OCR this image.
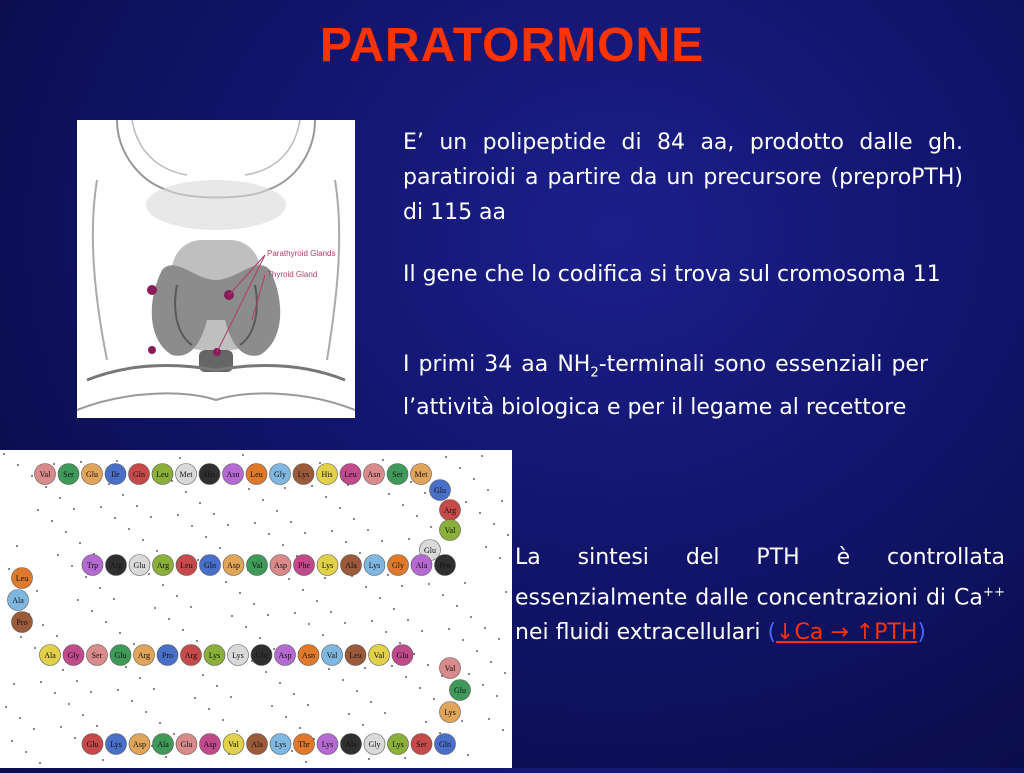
PARATORMONE
Parathyroid Glands
Thyroid Gland
E’ un polipeptide di 84 aa, prodotto dalle gh. paratiroidi a partire da un precursore (preproPTH) di 115 aa
Il gene che lo codifica si trova sul cromosoma 11
I primi 34 aa $NH_2$-terminali sono essenziali per l’attività biologica e per il legame al recettore
La sintesi del PTH è controllata essenzialmente dalle concentrazioni di Ca++ nei fluidi extracellulari (↓Ca → ↑PTH)
Val Ser Glu Ile Gln Leu Met His Asn Leu Gly Lys His Leu Asn Ser Met
Glu
Arg
Val
Glu
Pro
Ala
Gly
Lys
Ala
Lys
Phe
Asp
Val
Asp
Gln
Leu
Arg
Glu
Arg
Trp
Leu
Ala
Pro
Ala Gly Ser Glu Arg Pro Arg Lys Lys Glu Asp Asn Val Leu Val Glu
Val
Glu
Lys
Gln
Ser
Lys
Gly
Ala
Lys
Thr
Lys
Ala
Val
Asp
Glu
Ala
Asp
Lys
Glu
